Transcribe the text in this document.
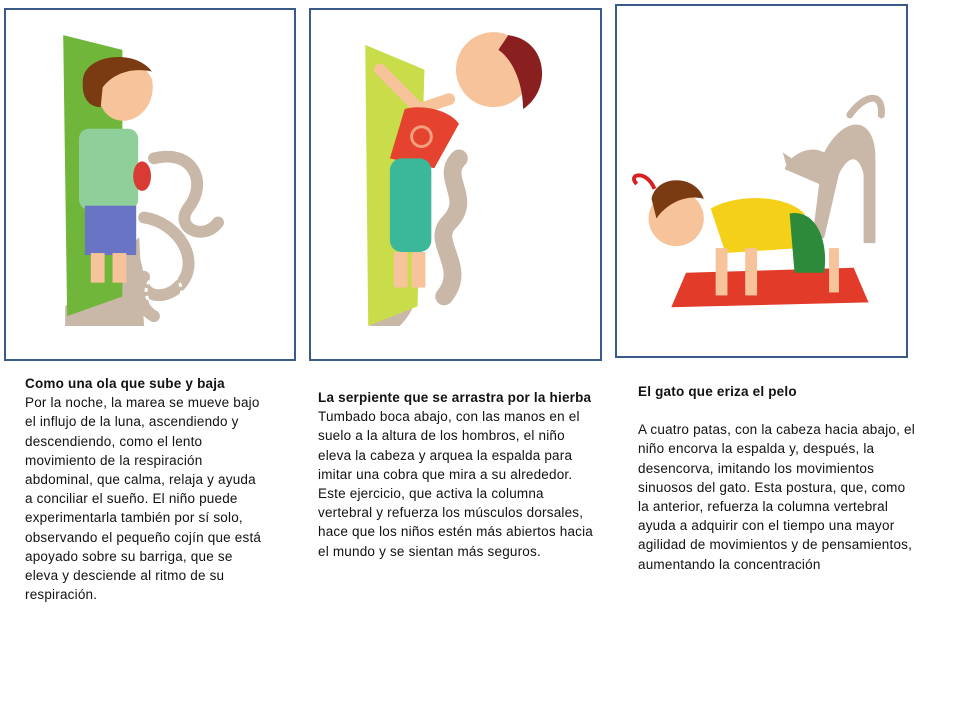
Como una ola que sube y baja
Por la noche, la marea se mueve bajo el influjo de la luna, ascendiendo y descendiendo, como el lento movimiento de la respiración abdominal, que calma, relaja y ayuda a conciliar el sueño. El niño puede experimentarla también por sí solo, observando el pequeño cojín que está apoyado sobre su barriga, que se eleva y desciende al ritmo de su respiración.
La serpiente que se arrastra por la hierba
Tumbado boca abajo, con las manos en el suelo a la altura de los hombros, el niño eleva la cabeza y arquea la espalda para imitar una cobra que mira a su alrededor. Este ejercicio, que activa la columna vertebral y refuerza los músculos dorsales, hace que los niños estén más abiertos hacia el mundo y se sientan más seguros.
El gato que eriza el pelo
A cuatro patas, con la cabeza hacia abajo, el niño encorva la espalda y, después, la desencorva, imitando los movimientos sinuosos del gato. Esta postura, que, como la anterior, refuerza la columna vertebral ayuda a adquirir con el tiempo una mayor agilidad de movimientos y de pensamientos, aumentando la concentración
